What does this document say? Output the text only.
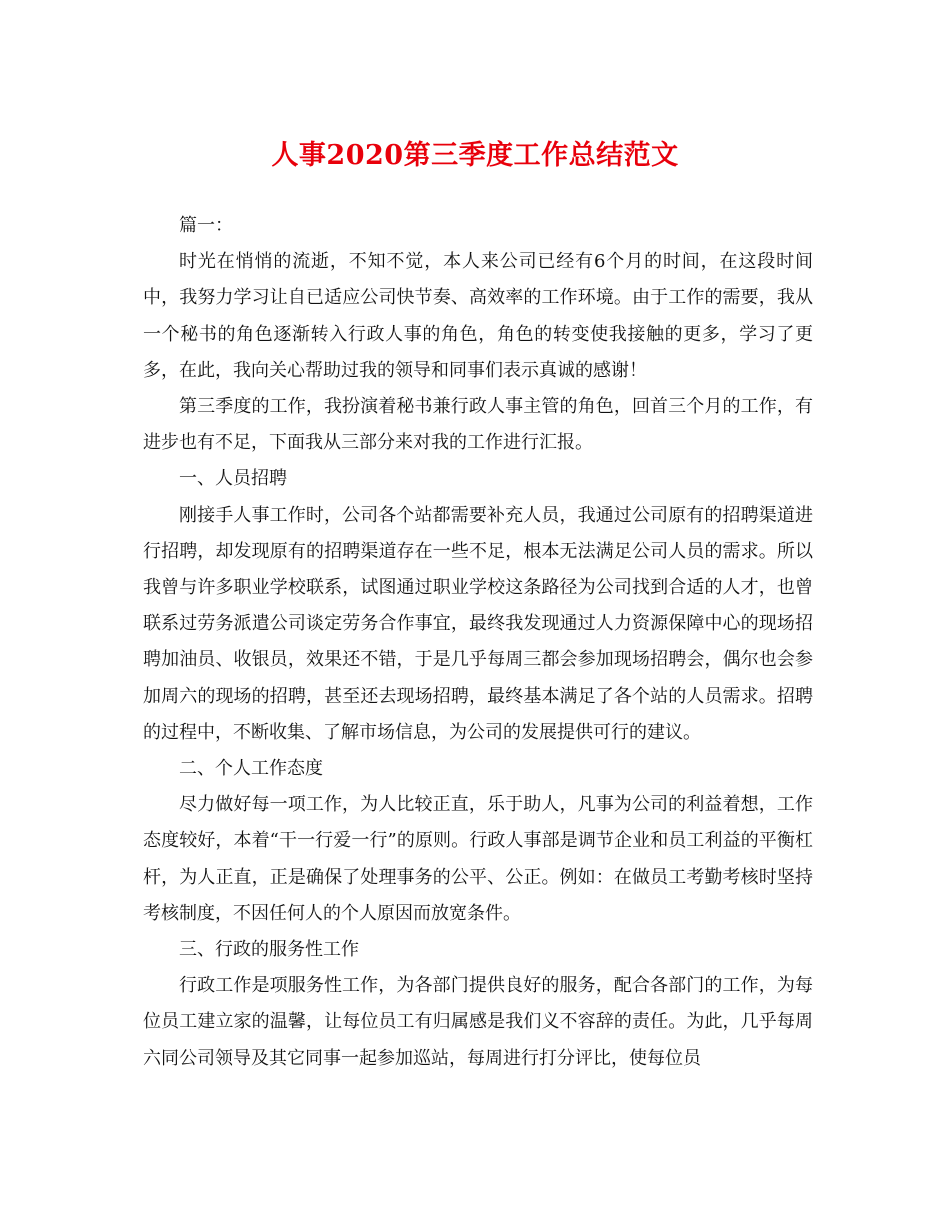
人事2020第三季度工作总结范文

篇一：

时光在悄悄的流逝，不知不觉，本人来公司已经有6个月的时间，在这段时间中，我努力学习让自已适应公司快节奏、高效率的工作环境。由于工作的需要，我从一个秘书的角色逐渐转入行政人事的角色，角色的转变使我接触的更多，学习了更多，在此，我向关心帮助过我的领导和同事们表示真诚的感谢！

第三季度的工作，我扮演着秘书兼行政人事主管的角色，回首三个月的工作，有进步也有不足，下面我从三部分来对我的工作进行汇报。

一、人员招聘

刚接手人事工作时，公司各个站都需要补充人员，我通过公司原有的招聘渠道进行招聘，却发现原有的招聘渠道存在一些不足，根本无法满足公司人员的需求。所以我曾与许多职业学校联系，试图通过职业学校这条路径为公司找到合适的人才，也曾联系过劳务派遣公司谈定劳务合作事宜，最终我发现通过人力资源保障中心的现场招聘加油员、收银员，效果还不错，于是几乎每周三都会参加现场招聘会，偶尔也会参加周六的现场的招聘，甚至还去现场招聘，最终基本满足了各个站的人员需求。招聘的过程中，不断收集、了解市场信息，为公司的发展提供可行的建议。

二、个人工作态度

尽力做好每一项工作，为人比较正直，乐于助人，凡事为公司的利益着想，工作态度较好，本着“干一行爱一行”的原则。行政人事部是调节企业和员工利益的平衡杠杆，为人正直，正是确保了处理事务的公平、公正。例如：在做员工考勤考核时坚持考核制度，不因任何人的个人原因而放宽条件。

三、行政的服务性工作

行政工作是项服务性工作，为各部门提供良好的服务，配合各部门的工作，为每位员工建立家的温馨，让每位员工有归属感是我们义不容辞的责任。为此，几乎每周六同公司领导及其它同事一起参加巡站，每周进行打分评比，使每位员
